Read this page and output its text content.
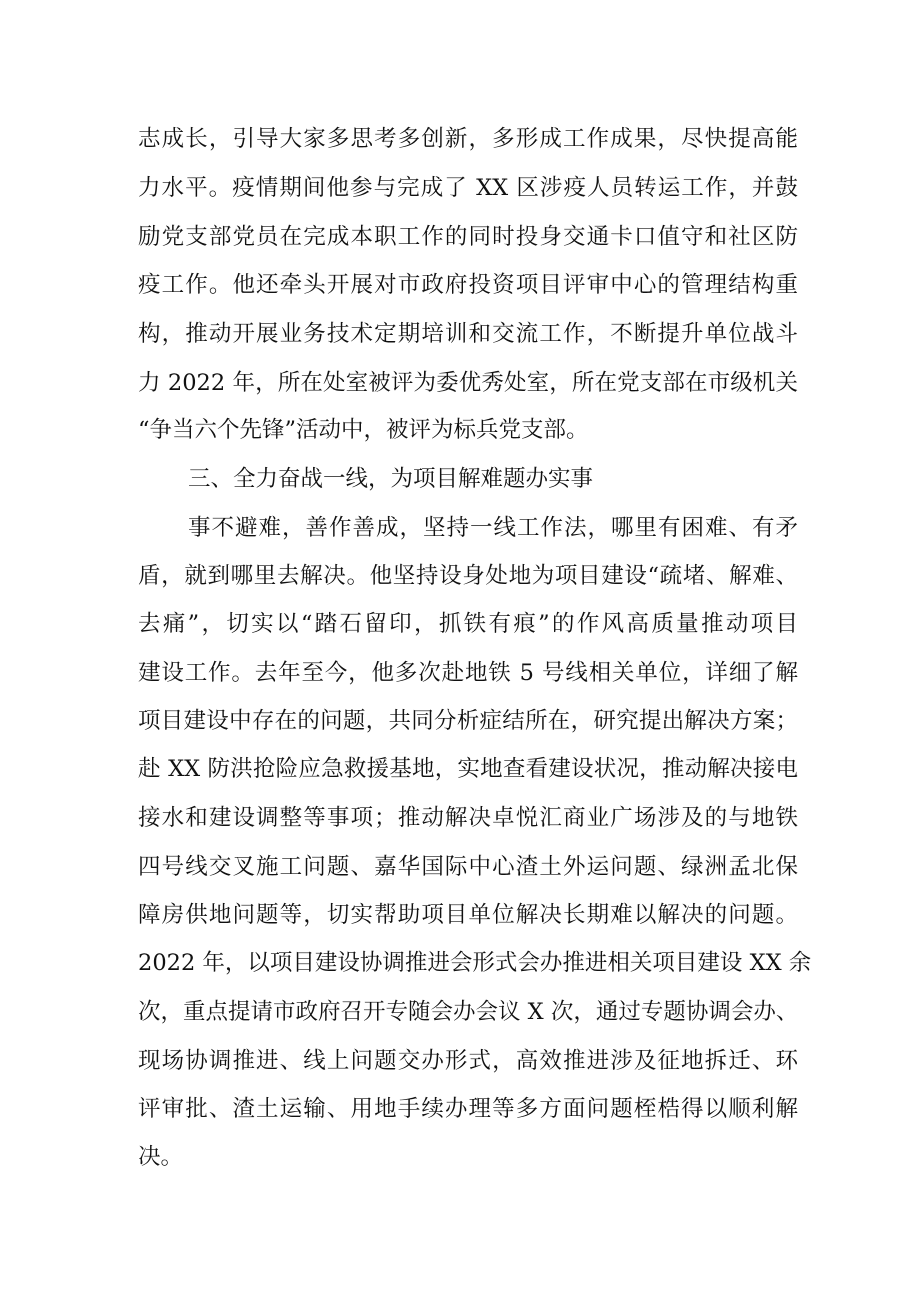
志成长，引导大家多思考多创新，多形成工作成果，尽快提高能
力水平。疫情期间他参与完成了 XX 区涉疫人员转运工作，并鼓
励党支部党员在完成本职工作的同时投身交通卡口值守和社区防
疫工作。他还牵头开展对市政府投资项目评审中心的管理结构重
构，推动开展业务技术定期培训和交流工作，不断提升单位战斗
力 2022 年，所在处室被评为委优秀处室，所在党支部在市级机关
“争当六个先锋”活动中，被评为标兵党支部。
三、全力奋战一线，为项目解难题办实事
事不避难，善作善成，坚持一线工作法，哪里有困难、有矛
盾，就到哪里去解决。他坚持设身处地为项目建设“疏堵、解难、
去痛”，切实以“踏石留印，抓铁有痕”的作风高质量推动项目
建设工作。去年至今，他多次赴地铁 5 号线相关单位，详细了解
项目建设中存在的问题，共同分析症结所在，研究提出解决方案；
赴 XX 防洪抢险应急救援基地，实地查看建设状况，推动解决接电
接水和建设调整等事项；推动解决卓悦汇商业广场涉及的与地铁
四号线交叉施工问题、嘉华国际中心渣土外运问题、绿洲孟北保
障房供地问题等，切实帮助项目单位解决长期难以解决的问题。
2022 年，以项目建设协调推进会形式会办推进相关项目建设 XX 余
次，重点提请市政府召开专随会办会议 X 次，通过专题协调会办、
现场协调推进、线上问题交办形式，高效推进涉及征地拆迁、环
评审批、渣土运输、用地手续办理等多方面问题桎梏得以顺利解
决。
